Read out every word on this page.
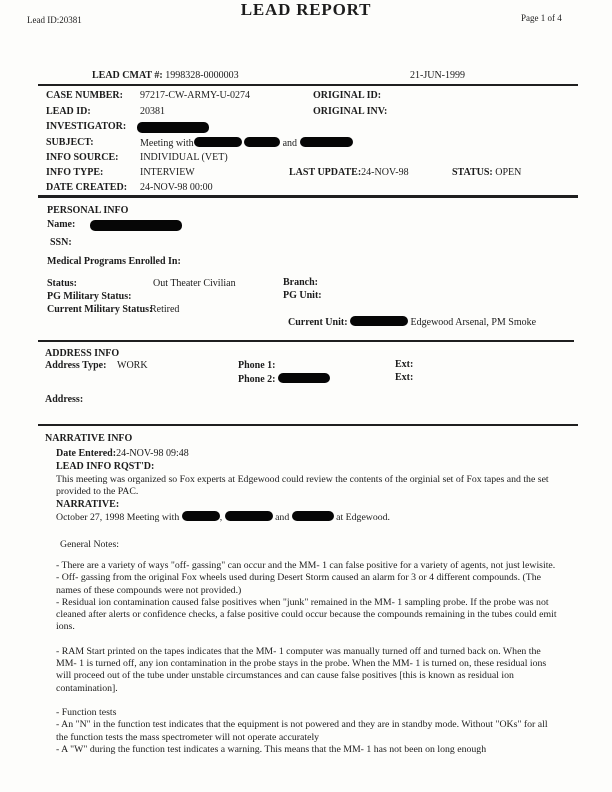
Lead ID:20381	Page 1 of 4
LEAD REPORT
LEAD CMAT #: 1998328-0000003	21-JUN-1999
CASE NUMBER: 97217-CW-ARMY-U-0274	ORIGINAL ID:
LEAD ID:	20381	ORIGINAL INV:
INVESTIGATOR:
SUBJECT:	Meeting with	and
INFO SOURCE: INDIVIDUAL (VET)
INFO TYPE:	INTERVIEW	LAST UPDATE:24-NOV-98	STATUS: OPEN
DATE CREATED: 24-NOV-98 00:00
PERSONAL INFO
Name:
SSN:
Medical Programs Enrolled In:
Status:	Out Theater Civilian	Branch:
PG Military Status:	PG Unit:
Current Military Status:
Retired
Current Unit:	Edgewood Arsenal, PM Smoke
ADDRESS INFO
Address Type: WORK	Phone 1:	Ext:
Phone 2:	Ext:
Address:
NARRATIVE INFO
Date Entered:24-NOV-98 09:48
LEAD INFO RQST'D:
This meeting was organized so Fox experts at Edgewood could review the contents of the orginial set of Fox tapes and the set provided to the PAC.
NARRATIVE:
October 27, 1998 Meeting with	,	and	at Edgewood.
General Notes:

- There are a variety of ways "off- gassing" can occur and the MM- 1 can false positive for a variety of agents, not just lewisite.

- Off- gassing from the original Fox wheels used during Desert Storm caused an alarm for 3 or 4 different compounds. (The names of these compounds were not provided.)

- Residual ion contamination caused false positives when "junk" remained in the MM- 1 sampling probe. If the probe was not cleaned after alerts or confidence checks, a false positive could occur because the compounds remaining in the tubes could emit ions.

- RAM Start printed on the tapes indicates that the MM- 1 computer was manually turned off and turned back on. When the MM- 1 is turned off, any ion contamination in the probe stays in the probe. When the MM- 1 is turned on, these residual ions will proceed out of the tube under unstable circumstances and can cause false positives [this is known as residual ion contamination].

- Function tests

- An "N" in the function test indicates that the equipment is not powered and they are in standby mode. Without "OKs" for all the function tests the mass spectrometer will not operate accurately

- A "W" during the function test indicates a warning. This means that the MM- 1 has not been on long enough
